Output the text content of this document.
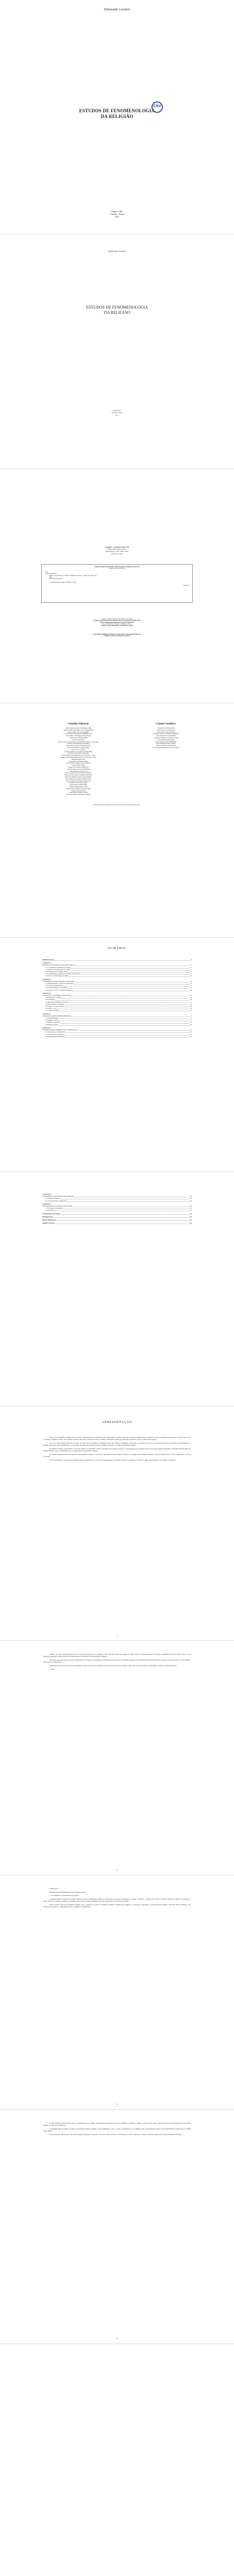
Edelmonde Cavalieri
ESTUDOS DE FENOMENOLOGIA
DA RELIGIÃO
CRV
Editora CRV
Curitiba – Brasil
2013
Edelmonde Cavalieri
ESTUDOS DE FENOMENOLOGIA
DA RELIGIÃO
Editora CRV
Curitiba – Brasil
2013
Copyright © da Editora CRV Ltda.
Editor-chefe: Railson Moura
Diagramação e Capa: Editora CRV
Revisão: O Autor
DADOS INTERNACIONAIS DE CATALOGAÇÃO NA PUBLICAÇÃO (CIP)
CATALOGAÇÃO NA FONTE
C376
Cavalieri, Edelmonde.
Estudos de fenomenologia da religião / Edelmonde Cavalieri. – Curitiba, PR: CRV, 2013.
148 p.
ISBN 978-85-8042-760-7
1. Fenomenologia da religião. 2. Religião. I. Título.
CDD 200.1
Foi feito o depósito legal conf. Lei 10.994 de 14/12/2004
Proibida a reprodução parcial ou total desta obra sem autorização da Editora CRV
Todos os direitos desta edição reservados pela: Editora CRV
Tel.: (41) 3039-6418 – E-mail: sac@editoracrv.com.br
Conheça os nossos lançamentos: www.editoracrv.com.br
ESTA OBRA TAMBÉM ENCONTRA-SE DISPONÍVEL EM FORMATO DIGITAL.
CONHEÇA E BAIXE NOSSO APLICATIVO!
Conselho Editorial:
Aldira Guimarães Duarte Domínguez (UNB)
Andréia da Silva Quintanilha Sousa (UNIR/UFRN)
Antônio Pereira Gaio Júnior (UFRRJ)
Carlos Alberto Vilar Estêvão (UMINHO – PT)
Carlos Federico Domínguez Avila (Unieuro)
Carmen Tereza Velanga (UNIR)
Celso Conti (UFSCar)
Cesar Gerónimo Tello (Univer. Nacional Três de Febrero – Argentina)
Eduardo Fernandes Barbosa (UFMG)
Elione Maria Nogueira Diogenes (UFAL)
Elizeu Clementino de Souza (UNEB)
Élsio José Corá (UFFS)
Fernando Antônio Gonçalves Alcoforado (IPB)
Francisco Carlos Duarte (PUC-PR)
Gloria Fariñas León (Universidade de La Havana – Cuba)
Guillermo Arias Beatón (Universidade de La Havana – Cuba)
Helmuth Krüger (UCP)
Jailson Alves dos Santos (UFRJ)
João Adalberto Campato Junior (UNESP)
Josania Portela (UFPI)
Leonel Severo Rocha (UNISINOS)
Lídia de Oliveira Xavier (UNIEURO)
Lourdes Helena da Silva (UFV)
Maria Cristina dos Santos Bezerra (UFSCar)
Maria de Lourdes Pinto de Almeida (UNOESC)
Maria Lília Imbiriba Sousa Colares (UFOPA)
Paulo Romualdo Hernandes (UNIFAL-MG)
Renato Francisco dos Santos Paula (UFG)
Rodrigo Pratte-Santos (UFES)
Sérgio Nunes de Jesus (IFRO)
Simone Rodrigues Pinto (UNB)
Solange Helena Ximenes-Rocha (UFOPA)
Sydione Santos (UEPG)
Tadeu Oliver Gonçalves (UFPA)
Tania Suely Azevedo Brasileiro (UFOPA)
Comitê Científico:
Alexandre Luiz Polizel (UEL)
André Luiz de Carvalho (UFS)
Carlos Alberto Pereira (UFRN)
Cleide Rita Silvério de Almeida (UNINOVE)
Érica Cristina Frau Faria (UFMS)
Jorge Luis Cammarano González (ULSA)
José Antonio Martins (UEM)
Marcos Antonio Lorieri (UNINOVE)
Paulo Ghiraldelli Junior (UFRRJ)
Roberto de Barros Freire (UFMT)
Rosana Maria Pires Barbato Schwartz (UPM)
Este livro passou por avaliação e aprovação às cegas de dois ou mais pareceristas ad hoc.
SUMÁRIO
APRESENTAÇÃO	9
CAPÍTULO 1
HISTÓRIA DA FENOMENOLOGIA DA RELIGIÃO	11
1.1 O caminho do conhecimento da religião	11
1.2 Pioneiros da fenomenologia da religião	14
1.3 Fenomenologia da religião clássica	17
1.4 A fenomenologia da religião de Gerardus van der Leeuw	20
1.5 Críticas à fenomenologia da religião	24
CAPÍTULO 2
A FENOMENOLOGIA DE HUSSERL E A RELIGIÃO	29
2.1 Edmund Husserl e o método fenomenológico	29
2.2 A redução fenomenológica	33
2.3 A intencionalidade da consciência	36
2.4 O mundo da vida e a experiência religiosa	40
CAPÍTULO 3
O SAGRADO E A EXPERIÊNCIA RELIGIOSA	45
3.1 Rudolf Otto e o sagrado	45
3.2 O numinoso	48
3.3 Mysterium tremendum et fascinans	51
3.4 Mircea Eliade e a hierofania	55
3.5 O espaço e o tempo sagrados	59
3.6 O mito e o rito	63
3.7 O símbolo religioso	67
CAPÍTULO 4
A RELIGIÃO COMO FENÔMENO HUMANO	71
4.1 O homem religioso	71
4.2 Religião e cultura	75
4.3 Religião e linguagem	79
4.4 Religião e sentido	83
CAPÍTULO 5
FENOMENOLOGIA E HERMENÊUTICA DA RELIGIÃO	87
5.1 Paul Ricoeur e a hermenêutica	87
5.2 A interpretação dos símbolos	91
5.3 Fenomenologia hermenêutica	95
CAPÍTULO 6
A FENOMENOLOGIA DA RELIGIÃO NO BRASIL	99
6.1 Primeiras abordagens	99
6.2 A fenomenologia da religião hoje	103
CAPÍTULO 7
FENOMENOLOGIA E CIÊNCIAS DA RELIGIÃO	107
7.1 Um campo interdisciplinar	107
7.2 Perspectivas	111
CONSIDERAÇÕES FINAIS	115
REFERÊNCIAS	119
ÍNDICE REMISSIVO	141
SOBRE O AUTOR	147
APRESENTAÇÃO

Desde o seu surgimento, no final do século XIX, a fenomenologia da religião buscou compreender a religião a partir de sua própria manifestação, tal como ela se dá à consciência daqueles que a vivem. Não se trata de explicar a religião por meio de categorias externas a ela, mas de descrevê-la em sua essência, respeitando aquilo que ela mesma apresenta como seu sentido mais próprio.

Este livro reúne estudos realizados ao longo de vários anos de pesquisa e docência na área das Ciências da Religião. Seu objetivo é apresentar ao leitor os principais momentos da história da fenomenologia da religião, seus autores mais significativos e as questões que ainda hoje animam o debate acadêmico em torno do estudo do fenômeno religioso.

No primeiro capítulo, apresentamos o percurso histórico da disciplina, desde os pioneiros até os autores clássicos, com destaque para Gerardus van der Leeuw. Em seguida, abordamos a fenomenologia filosófica de Edmund Husserl e suas contribuições para a compreensão da experiência religiosa.

Os capítulos seguintes tratam do sagrado e da experiência religiosa, a partir das obras de Rudolf Otto e Mircea Eliade, e da religião como fenômeno humano, em suas relações com a cultura, a linguagem e a busca de sentido.

Por fim, discutimos a relação entre fenomenologia e hermenêutica, a recepção da fenomenologia da religião no Brasil e seu lugar no interior do campo interdisciplinar das Ciências da Religião.

9

caminho que agora propomos percorrer. Ao longo das páginas que se seguem, o leitor encontrará uma introdução aos temas centrais da fenomenologia da religião, acompanhada de uma leitura crítica de seus principais expoentes e das discussões que marcaram sua consolidação como disciplina acadêmica.

Esperamos que estes estudos possam contribuir para a formação de estudantes e pesquisadores interessados no fenômeno religioso, oferecendo-lhes um panorama claro e rigoroso das bases teóricas e metodológicas desta área do conhecimento.

Agradecemos a todos que, direta ou indiretamente, colaboraram para a realização desta obra, em especial aos colegas e alunos com os quais pudemos compartilhar as reflexões aqui apresentadas.

O Autor

10

CAPÍTULO 1

HISTÓRIA DA FENOMENOLOGIA DA RELIGIÃO

1.1 O caminho do conhecimento da religião

A religião sempre foi objeto de reflexão humana. Desde a Antiguidade, filósofos e pensadores procuraram compreender a origem, a natureza e a função das crenças e práticas religiosas. Contudo, foi somente no século XIX que o estudo da religião se constituiu como campo científico autônomo, separado da teologia e da filosofia da religião.

Nesse contexto, diversas abordagens surgiram com o propósito de explicar o fenômeno religioso: a história das religiões, a sociologia, a psicologia e a antropologia da religião. Cada uma delas contribuiu, à sua maneira, para ampliar o conhecimento sobre as religiões da humanidade.

11

É nesse ambiente intelectual que nasce a fenomenologia da religião, propondo uma abordagem que não se limitasse a explicar a religião a partir de suas causas, mas que buscasse compreendê-la em seu próprio sentido, tal como ela se manifesta.

A fenomenologia da religião, portanto, não pretende reduzir a religião a outros fenômenos, como o social, o psicológico ou o econômico, mas compreendê-la a partir de sua especificidade, daquilo que a constitui como religião.

Essa perspectiva implica uma atitude metodológica particular: a suspensão dos juízos sobre a verdade ou falsidade das crenças religiosas e a atenção cuidadosa àquilo que o próprio fenômeno apresenta.

12
